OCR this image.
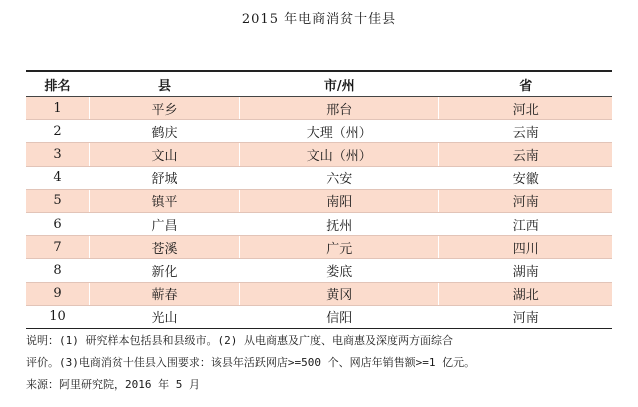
2015 年电商消贫十佳县
排名	县	市/州	省
1	平乡	邢台	河北
2	鹤庆	大理（州）	云南
3	文山	文山（州）	云南
4	舒城	六安	安徽
5	镇平	南阳	河南
6	广昌	抚州	江西
7	苍溪	广元	四川
8	新化	娄底	湖南
9	蕲春	黄冈	湖北
10	光山	信阳	河南
说明：(1) 研究样本包括县和县级市。(2) 从电商惠及广度、电商惠及深度两方面综合
评价。(3)电商消贫十佳县入围要求：该县年活跃网店>=500 个、网店年销售额>=1 亿元。
来源：阿里研究院，2016 年 5 月
